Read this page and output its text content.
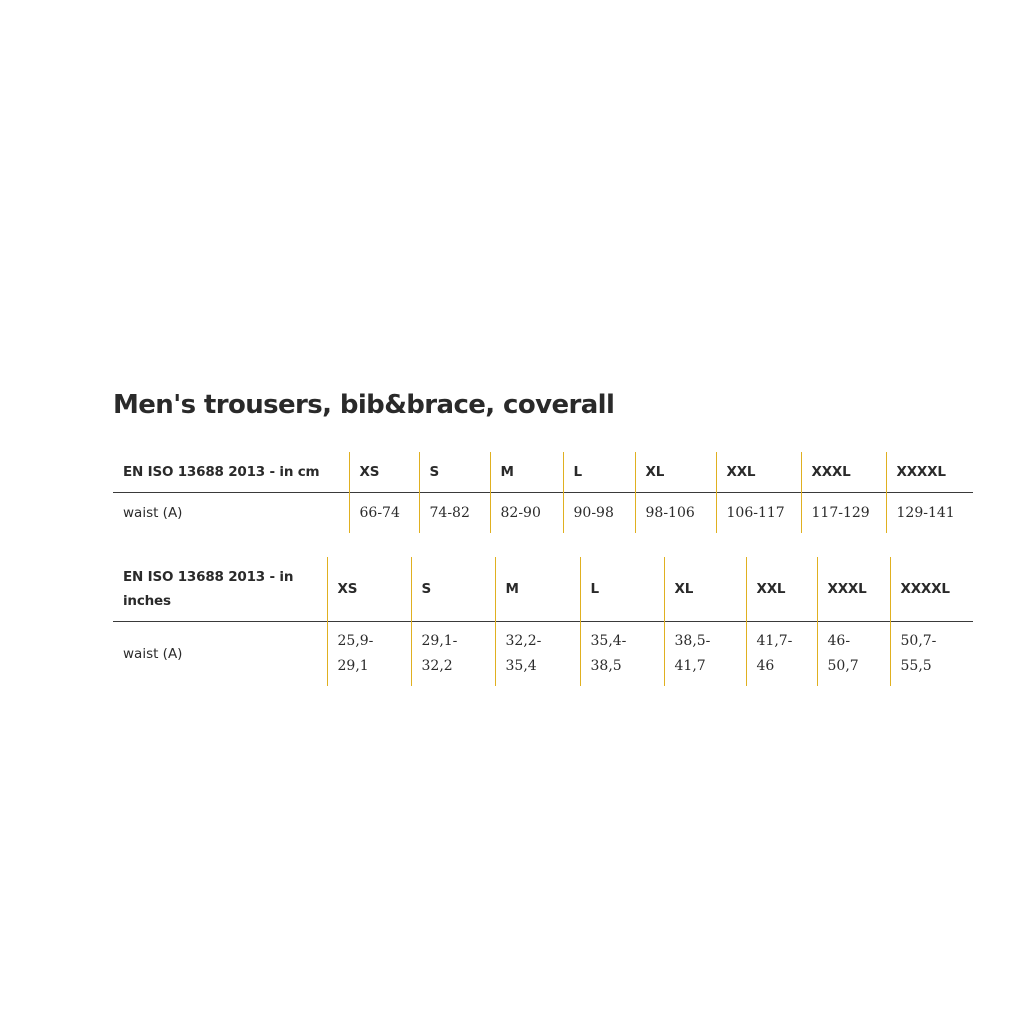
Men's trousers, bib&brace, coverall
EN ISO 13688 2013 - in cm	XS	S	M	L	XL	XXL	XXXL	XXXXL
waist (A)	66-74	74-82	82-90	90-98	98-106	106-117	117-129	129-141
EN ISO 13688 2013 - in inches	XS	S	M	L	XL	XXL	XXXL	XXXXL
waist (A)	25,9-​29,1	29,1-​32,2	32,2-​35,4	35,4-​38,5	38,5-​41,7	41,7-​46	46-​50,7	50,7-​55,5
